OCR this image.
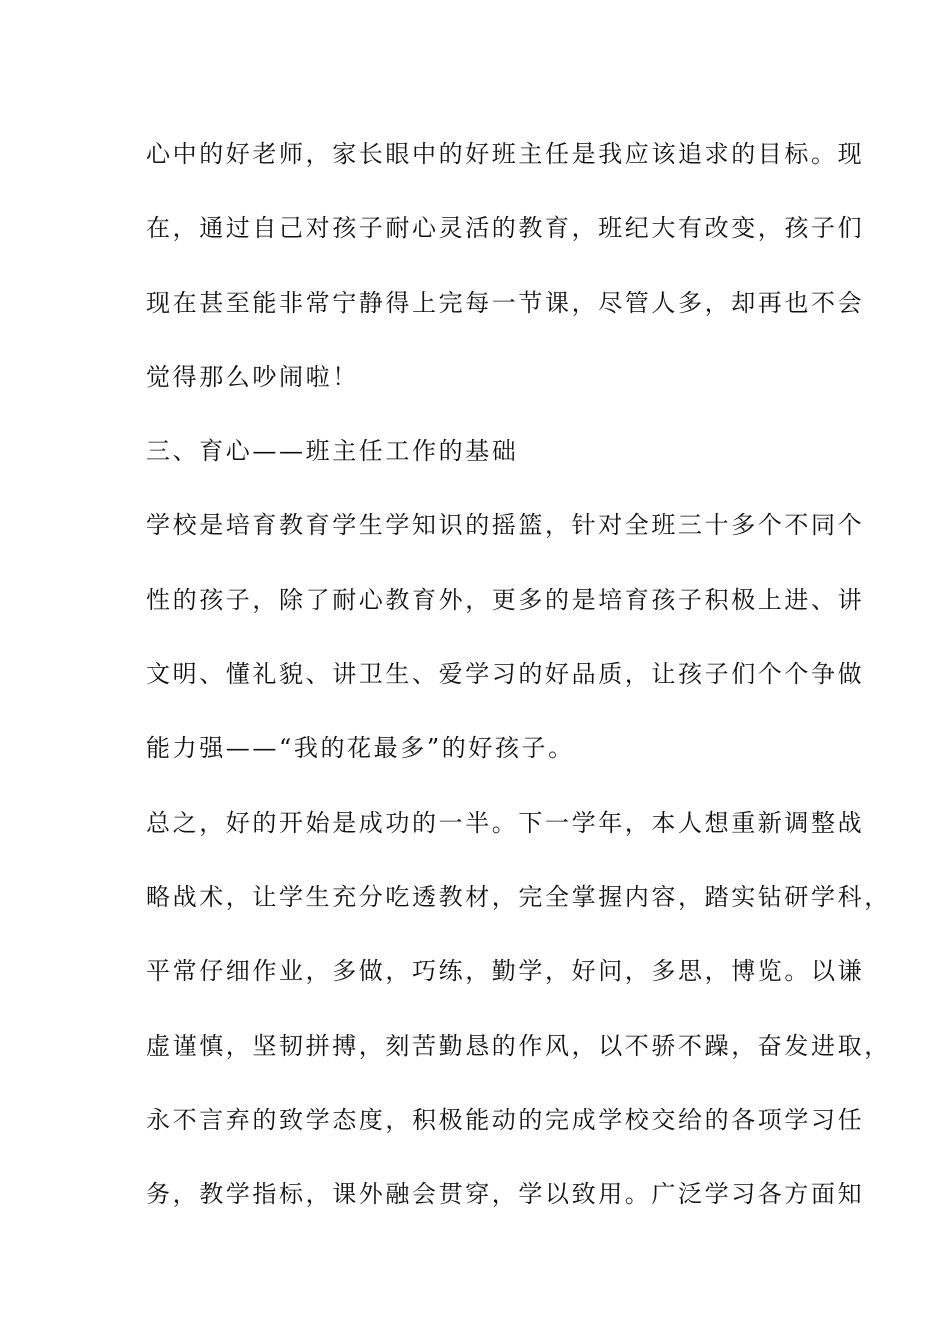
心中的好老师，家长眼中的好班主任是我应该追求的目标。现
在，通过自己对孩子耐心灵活的教育，班纪大有改变，孩子们
现在甚至能非常宁静得上完每一节课，尽管人多，却再也不会
觉得那么吵闹啦！
三、育心——班主任工作的基础
学校是培育教育学生学知识的摇篮，针对全班三十多个不同个
性的孩子，除了耐心教育外，更多的是培育孩子积极上进、讲
文明、懂礼貌、讲卫生、爱学习的好品质，让孩子们个个争做
能力强——“我的花最多”的好孩子。
总之，好的开始是成功的一半。下一学年，本人想重新调整战
略战术，让学生充分吃透教材，完全掌握内容，踏实钻研学科，
平常仔细作业，多做，巧练，勤学，好问，多思，博览。以谦
虚谨慎，坚韧拼搏，刻苦勤恳的作风，以不骄不躁，奋发进取，
永不言弃的致学态度，积极能动的完成学校交给的各项学习任
务，教学指标，课外融会贯穿，学以致用。广泛学习各方面知
